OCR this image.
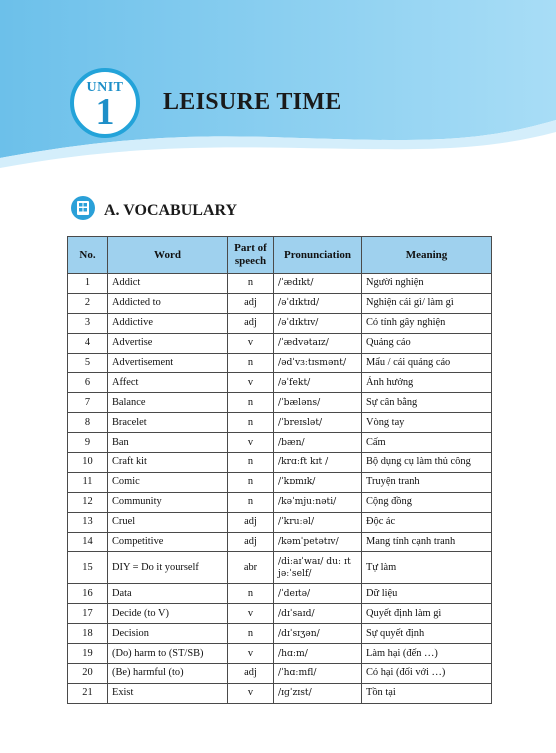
UNIT
1	LEISURE TIME
A. VOCABULARY
No.	Word	Part of speech	Pronunciation	Meaning
1	Addict	n	/ˈædɪkt/	Người nghiện
2	Addicted to	adj	/əˈdɪktɪd/	Nghiện cái gì/ làm gì
3	Addictive	adj	/əˈdɪktɪv/	Có tính gây nghiện
4	Advertise	v	/ˈædvətaɪz/	Quảng cáo
5	Advertisement	n	/ədˈvɜːtɪsmənt/	Mẩu / cái quảng cáo
6	Affect	v	/əˈfekt/	Ảnh hưởng
7	Balance	n	/ˈbæləns/	Sự cân bằng
8	Bracelet	n	/ˈbreɪslət/	Vòng tay
9	Ban	v	/bæn/	Cấm
10	Craft kit	n	/krɑːft kɪt /	Bộ dụng cụ làm thủ công
11	Comic	n	/ˈkɒmɪk/	Truyện tranh
12	Community	n	/kəˈmjuːnəti/	Cộng đồng
13	Cruel	adj	/ˈkruːəl/	Độc ác
14	Competitive	adj	/kəmˈpetətɪv/	Mang tính cạnh tranh
15	DIY = Do it yourself	abr	/diːaɪˈwaɪ/ duː ɪt jəːˈself/	Tự làm
16	Data	n	/ˈdeɪtə/	Dữ liệu
17	Decide (to V)	v	/dɪˈsaɪd/	Quyết định làm gì
18	Decision	n	/dɪˈsɪʒən/	Sự quyết định
19	(Do) harm to (ST/SB)	v	/hɑːm/	Làm hại (đến …)
20	(Be) harmful (to)	adj	/ˈhɑːmfl/	Có hại (đối với …)
21	Exist	v	/ɪɡˈzɪst/	Tồn tại
